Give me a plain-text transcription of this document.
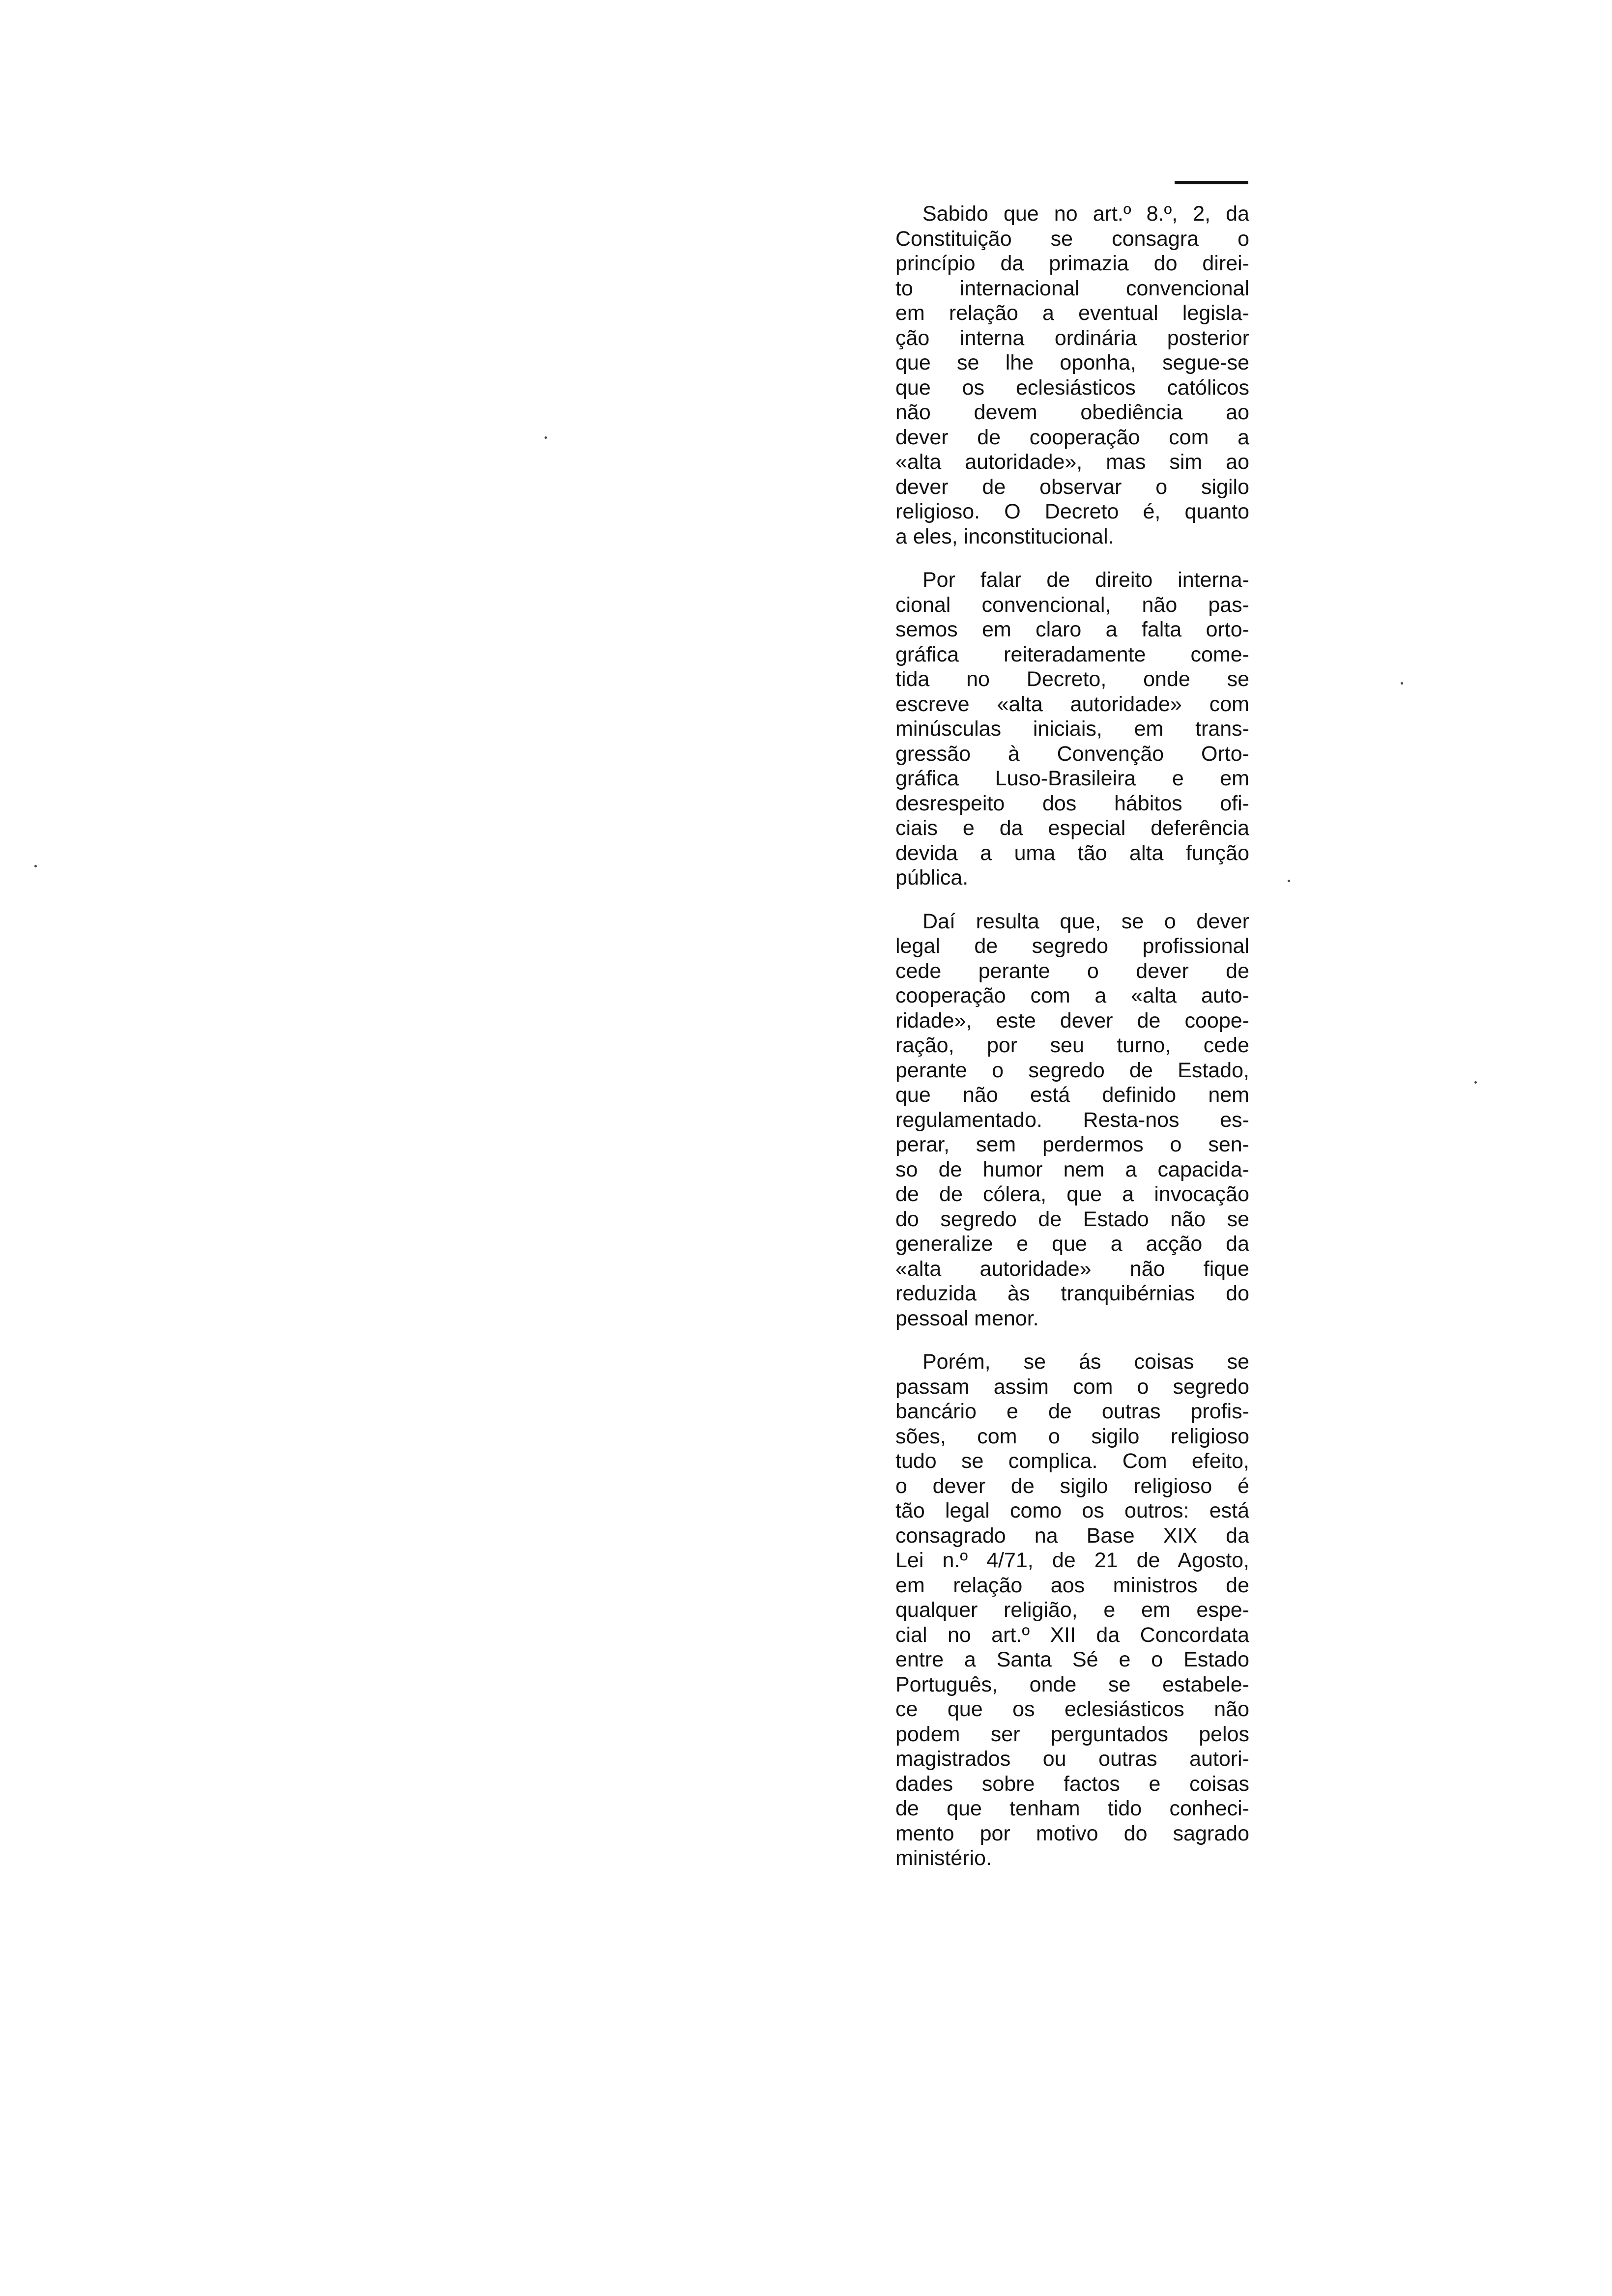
Sabido que no art.º 8.º, 2, da
Constituição se consagra o
princípio da primazia do direi-
to internacional convencional
em relação a eventual legisla-
ção interna ordinária posterior
que se lhe oponha, segue-se
que os eclesiásticos católicos
não devem obediência ao
dever de cooperação com a
«alta autoridade», mas sim ao
dever de observar o sigilo
religioso. O Decreto é, quanto
a eles, inconstitucional.

Por falar de direito interna-
cional convencional, não pas-
semos em claro a falta orto-
gráfica reiteradamente come-
tida no Decreto, onde se
escreve «alta autoridade» com
minúsculas iniciais, em trans-
gressão à Convenção Orto-
gráfica Luso-Brasileira e em
desrespeito dos hábitos ofi-
ciais e da especial deferência
devida a uma tão alta função
pública.

Daí resulta que, se o dever
legal de segredo profissional
cede perante o dever de
cooperação com a «alta auto-
ridade», este dever de coope-
ração, por seu turno, cede
perante o segredo de Estado,
que não está definido nem
regulamentado. Resta-nos es-
perar, sem perdermos o sen-
so de humor nem a capacida-
de de cólera, que a invocação
do segredo de Estado não se
generalize e que a acção da
«alta autoridade» não fique
reduzida às tranquibérnias do
pessoal menor.

Porém, se ás coisas se
passam assim com o segredo
bancário e de outras profis-
sões, com o sigilo religioso
tudo se complica. Com efeito,
o dever de sigilo religioso é
tão legal como os outros: está
consagrado na Base XIX da
Lei n.º 4/71, de 21 de Agosto,
em relação aos ministros de
qualquer religião, e em espe-
cial no art.º XII da Concordata
entre a Santa Sé e o Estado
Português, onde se estabele-
ce que os eclesiásticos não
podem ser perguntados pelos
magistrados ou outras autori-
dades sobre factos e coisas
de que tenham tido conheci-
mento por motivo do sagrado
ministério.
